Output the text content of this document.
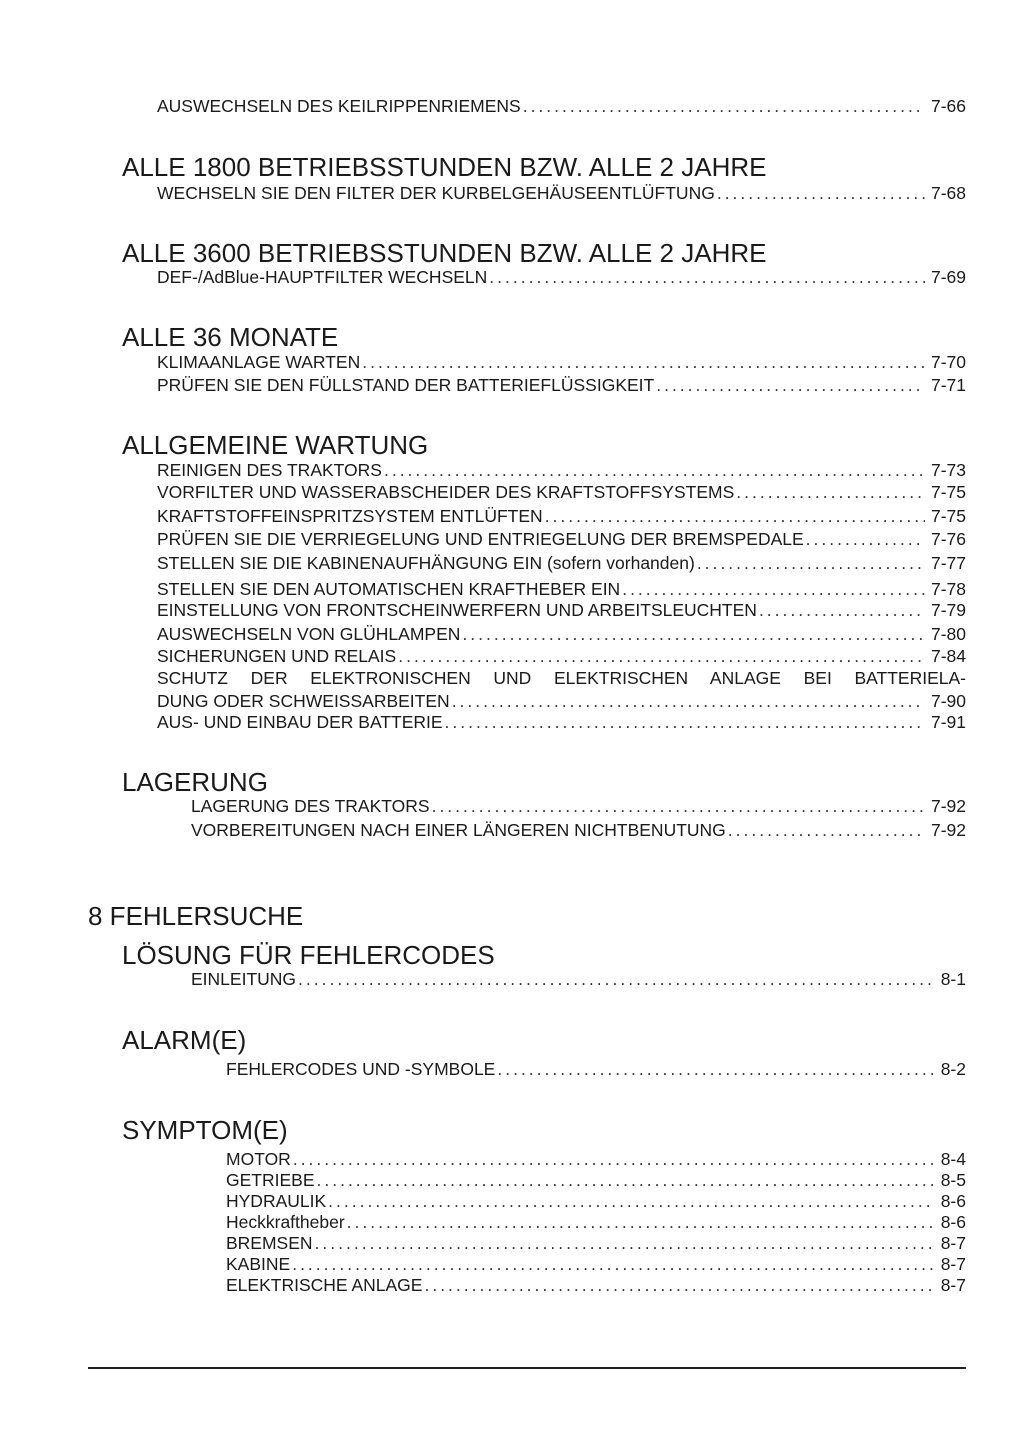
AUSWECHSELN DES KEILRIPPENRIEMENS .....	7-66
ALLE 1800 BETRIEBSSTUNDEN BZW. ALLE 2 JAHRE
WECHSELN SIE DEN FILTER DER KURBELGEHÄUSEENTLÜFTUNG .....	7-68
ALLE 3600 BETRIEBSSTUNDEN BZW. ALLE 2 JAHRE
DEF-/AdBlue-HAUPTFILTER WECHSELN .....	7-69
ALLE 36 MONATE
KLIMAANLAGE WARTEN .....	7-70
PRÜFEN SIE DEN FÜLLSTAND DER BATTERIEFLÜSSIGKEIT .....	7-71
ALLGEMEINE WARTUNG
REINIGEN DES TRAKTORS .....	7-73
VORFILTER UND WASSERABSCHEIDER DES KRAFTSTOFFSYSTEMS .....	7-75
KRAFTSTOFFEINSPRITZSYSTEM ENTLÜFTEN .....	7-75
PRÜFEN SIE DIE VERRIEGELUNG UND ENTRIEGELUNG DER BREMSPEDALE .....	7-76
STELLEN SIE DIE KABINENAUFHÄNGUNG EIN (sofern vorhanden) .....	7-77
STELLEN SIE DEN AUTOMATISCHEN KRAFTHEBER EIN .....	7-78
EINSTELLUNG VON FRONTSCHEINWERFERN UND ARBEITSLEUCHTEN .....	7-79
AUSWECHSELN VON GLÜHLAMPEN .....	7-80
SICHERUNGEN UND RELAIS .....	7-84
SCHUTZ DER ELEKTRONISCHEN UND ELEKTRISCHEN ANLAGE BEI BATTERIELA-
DUNG ODER SCHWEISSARBEITEN .....	7-90
AUS- UND EINBAU DER BATTERIE .....	7-91
LAGERUNG
LAGERUNG DES TRAKTORS .....	7-92
VORBEREITUNGEN NACH EINER LÄNGEREN NICHTBENUTUNG .....	7-92
8 FEHLERSUCHE
LÖSUNG FÜR FEHLERCODES
EINLEITUNG .....	8-1
ALARM(E)
FEHLERCODES UND -SYMBOLE .....	8-2
SYMPTOM(E)
MOTOR .....	8-4
GETRIEBE .....	8-5
HYDRAULIK .....	8-6
Heckkraftheber .....	8-6
BREMSEN .....	8-7
KABINE .....	8-7
ELEKTRISCHE ANLAGE .....	8-7
